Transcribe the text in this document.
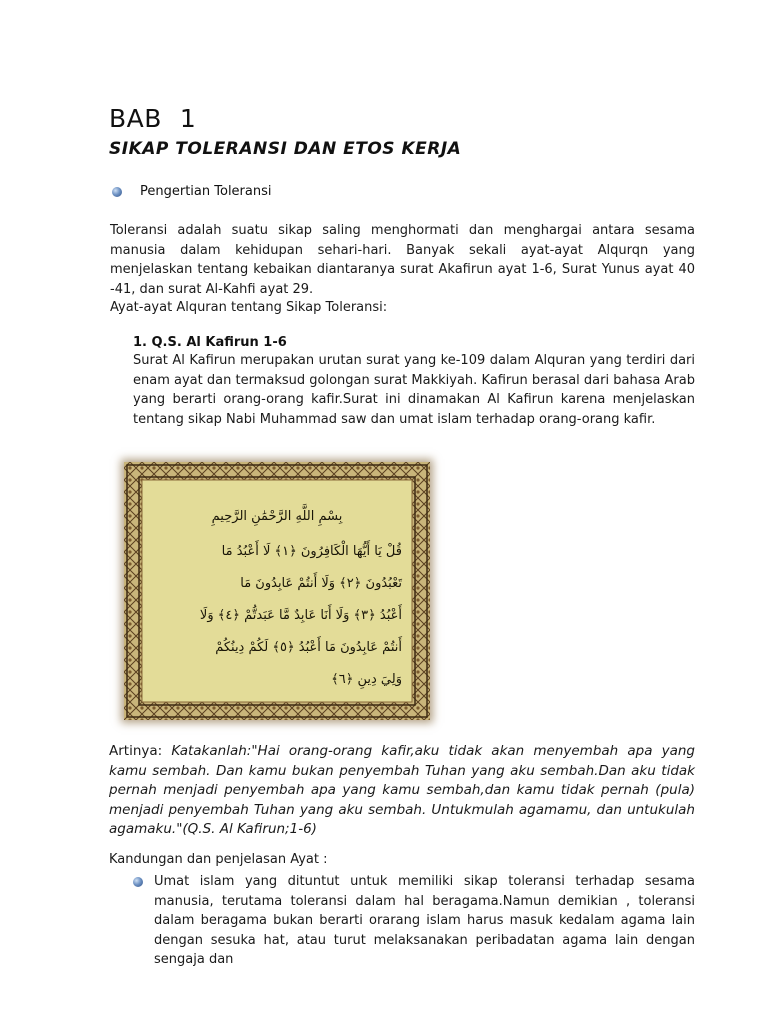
BAB 1
SIKAP TOLERANSI DAN ETOS KERJA
Pengertian Toleransi
Toleransi adalah suatu sikap saling menghormati dan menghargai antara sesama manusia dalam kehidupan sehari-hari. Banyak sekali ayat-ayat Alqurqn yang menjelaskan tentang kebaikan diantaranya surat Akafirun ayat 1-6, Surat Yunus ayat 40 -41, dan surat Al-Kahfi ayat 29.
Ayat-ayat Alquran tentang Sikap Toleransi:
1. Q.S. Al Kafirun 1-6
Surat Al Kafirun merupakan urutan surat yang ke-109 dalam Alquran yang terdiri dari enam ayat dan termaksud golongan surat Makkiyah. Kafirun berasal dari bahasa Arab yang berarti orang-orang kafir.Surat ini dinamakan Al Kafirun karena menjelaskan tentang sikap Nabi Muhammad saw dan umat islam terhadap orang-orang kafir.
بِسْمِ اللَّهِ الرَّحْمَٰنِ الرَّحِيمِ
قُلْ يَا أَيُّهَا الْكَافِرُونَ ﴿١﴾ لَا أَعْبُدُ مَا
تَعْبُدُونَ ﴿٢﴾ وَلَا أَنتُمْ عَابِدُونَ مَا
أَعْبُدُ ﴿٣﴾ وَلَا أَنَا عَابِدٌ مَّا عَبَدتُّمْ ﴿٤﴾ وَلَا
أَنتُمْ عَابِدُونَ مَا أَعْبُدُ ﴿٥﴾ لَكُمْ دِينُكُمْ
وَلِيَ دِينِ ﴿٦﴾
Artinya: Katakanlah:"Hai orang-orang kafir,aku tidak akan menyembah apa yang kamu sembah. Dan kamu bukan penyembah Tuhan yang aku sembah.Dan aku tidak pernah menjadi penyembah apa yang kamu sembah,dan kamu tidak pernah (pula) menjadi penyembah Tuhan yang aku sembah. Untukmulah agamamu, dan untukulah agamaku."(Q.S. Al Kafirun;1-6)
Kandungan dan penjelasan Ayat :
Umat islam yang dituntut untuk memiliki sikap toleransi terhadap sesama manusia, terutama toleransi dalam hal beragama.Namun demikian , toleransi dalam beragama bukan berarti orarang islam harus masuk kedalam agama lain dengan sesuka hat, atau turut melaksanakan peribadatan agama lain dengan sengaja dan
